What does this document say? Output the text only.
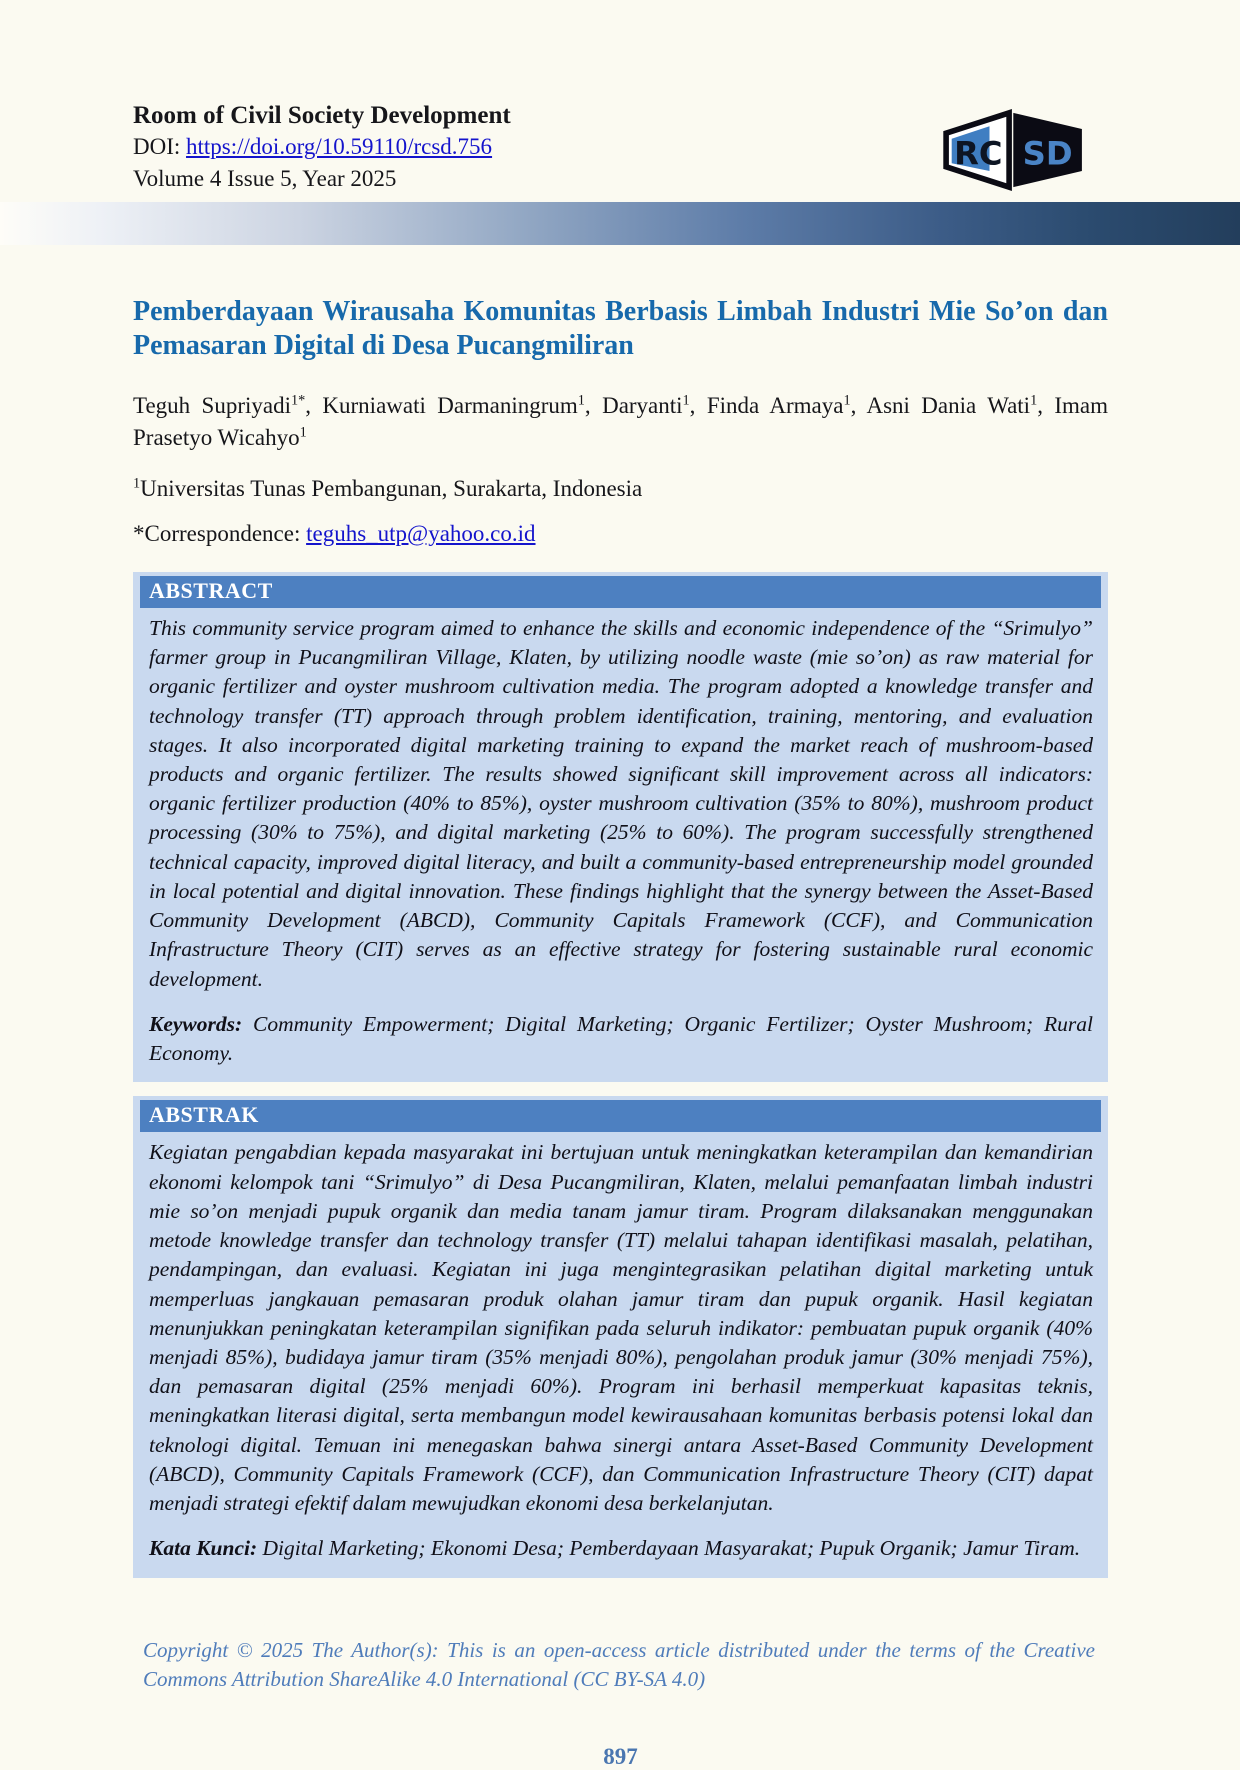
Room of Civil Society Development
DOI: https://doi.org/10.59110/rcsd.756
Volume 4 Issue 5, Year 2025
RC SD
Pemberdayaan Wirausaha Komunitas Berbasis Limbah Industri Mie So’on dan Pemasaran Digital di Desa Pucangmiliran

Teguh Supriyadi$^{1*}$, Kurniawati Darmaningrum$^1$, Daryanti$^1$, Finda Armaya$^1$, Asni Dania Wati$^1$, Imam Prasetyo Wicahyo$^1$

$^1$Universitas Tunas Pembangunan, Surakarta, Indonesia

*Correspondence: teguhs_utp@yahoo.co.id

ABSTRACT

This community service program aimed to enhance the skills and economic independence of the “Srimulyo” farmer group in Pucangmiliran Village, Klaten, by utilizing noodle waste (mie so’on) as raw material for organic fertilizer and oyster mushroom cultivation media. The program adopted a knowledge transfer and technology transfer (TT) approach through problem identification, training, mentoring, and evaluation stages. It also incorporated digital marketing training to expand the market reach of mushroom-based products and organic fertilizer. The results showed significant skill improvement across all indicators: organic fertilizer production (40% to 85%), oyster mushroom cultivation (35% to 80%), mushroom product processing (30% to 75%), and digital marketing (25% to 60%). The program successfully strengthened technical capacity, improved digital literacy, and built a community-based entrepreneurship model grounded in local potential and digital innovation. These findings highlight that the synergy between the Asset-Based Community Development (ABCD), Community Capitals Framework (CCF), and Communication Infrastructure Theory (CIT) serves as an effective strategy for fostering sustainable rural economic development.

Keywords: Community Empowerment; Digital Marketing; Organic Fertilizer; Oyster Mushroom; Rural Economy.

ABSTRAK

Kegiatan pengabdian kepada masyarakat ini bertujuan untuk meningkatkan keterampilan dan kemandirian ekonomi kelompok tani “Srimulyo” di Desa Pucangmiliran, Klaten, melalui pemanfaatan limbah industri mie so’on menjadi pupuk organik dan media tanam jamur tiram. Program dilaksanakan menggunakan metode knowledge transfer dan technology transfer (TT) melalui tahapan identifikasi masalah, pelatihan, pendampingan, dan evaluasi. Kegiatan ini juga mengintegrasikan pelatihan digital marketing untuk memperluas jangkauan pemasaran produk olahan jamur tiram dan pupuk organik. Hasil kegiatan menunjukkan peningkatan keterampilan signifikan pada seluruh indikator: pembuatan pupuk organik (40% menjadi 85%), budidaya jamur tiram (35% menjadi 80%), pengolahan produk jamur (30% menjadi 75%), dan pemasaran digital (25% menjadi 60%). Program ini berhasil memperkuat kapasitas teknis, meningkatkan literasi digital, serta membangun model kewirausahaan komunitas berbasis potensi lokal dan teknologi digital. Temuan ini menegaskan bahwa sinergi antara Asset-Based Community Development (ABCD), Community Capitals Framework (CCF), dan Communication Infrastructure Theory (CIT) dapat menjadi strategi efektif dalam mewujudkan ekonomi desa berkelanjutan.

Kata Kunci: Digital Marketing; Ekonomi Desa; Pemberdayaan Masyarakat; Pupuk Organik; Jamur Tiram.

Copyright © 2025 The Author(s): This is an open-access article distributed under the terms of the Creative Commons Attribution ShareAlike 4.0 International (CC BY-SA 4.0)

897
